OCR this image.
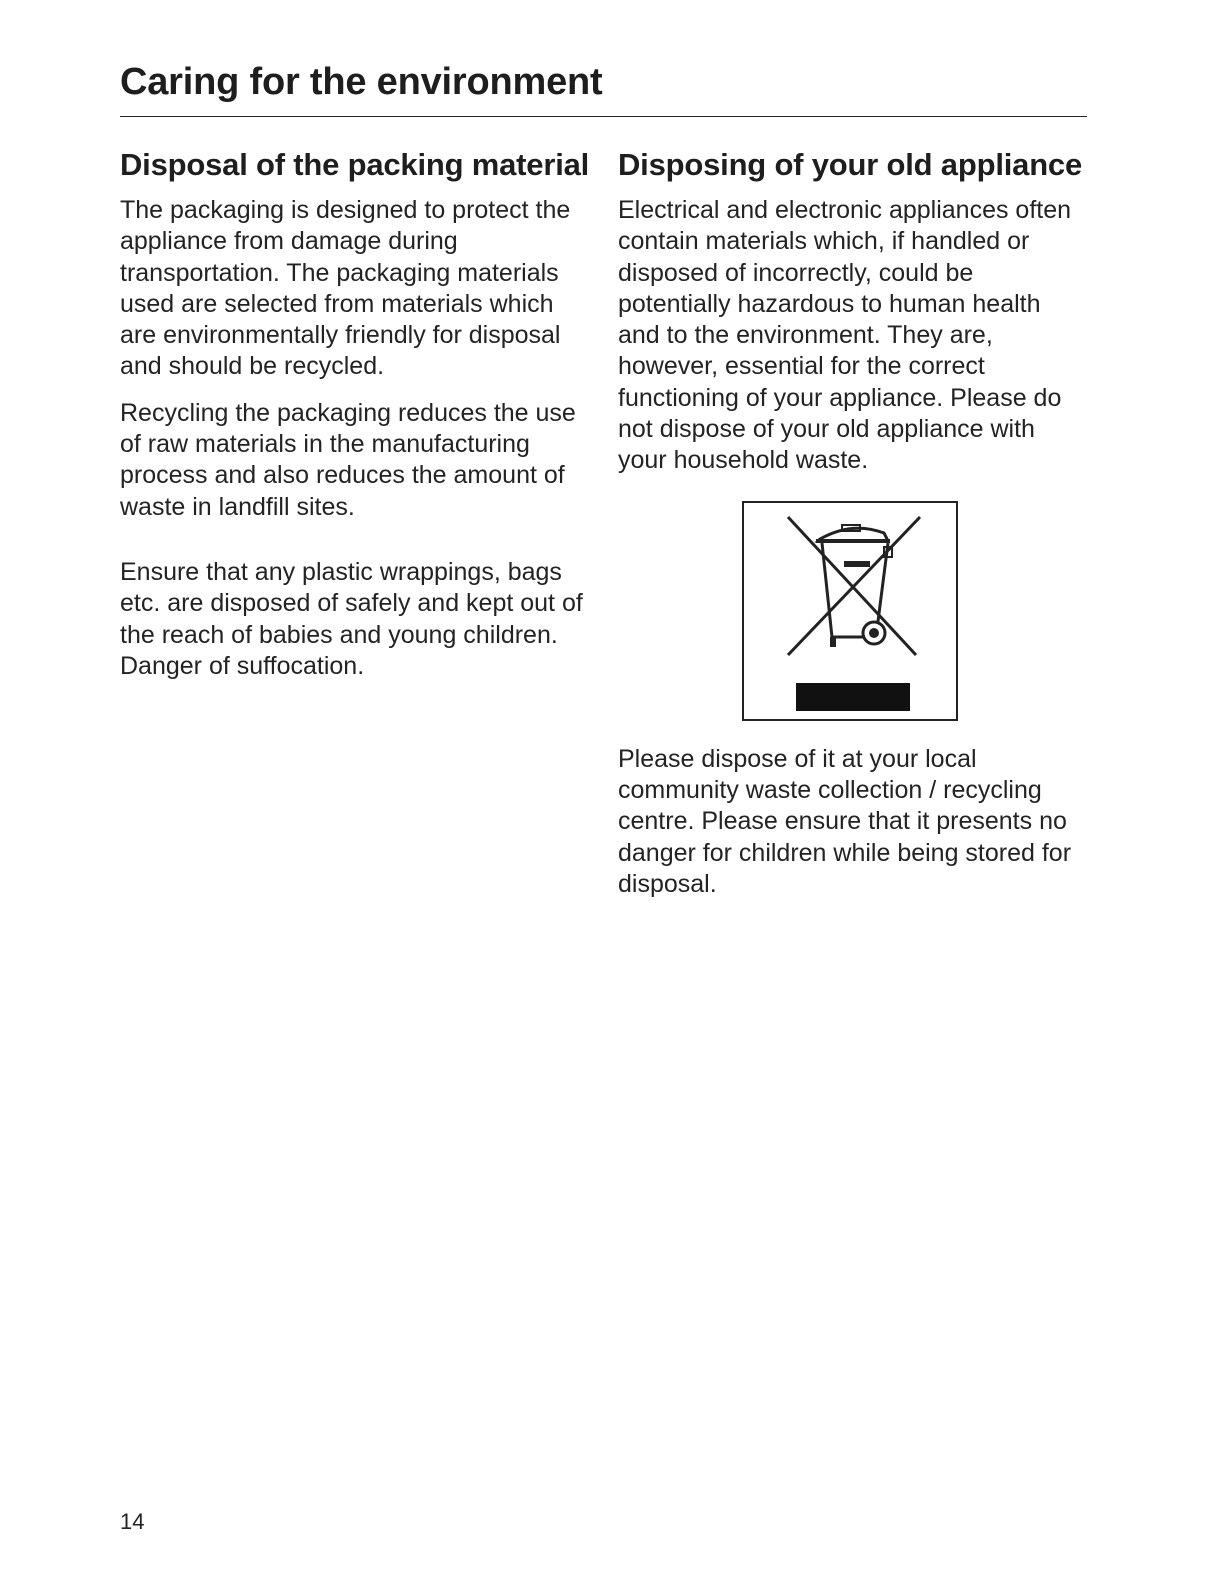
Caring for the environment
Disposal of the packing material

The packaging is designed to protect the appliance from damage during transportation. The packaging materials used are selected from materials which are environmentally friendly for disposal and should be recycled.

Recycling the packaging reduces the use of raw materials in the manufacturing process and also reduces the amount of waste in landfill sites.

Ensure that any plastic wrappings, bags etc. are disposed of safely and kept out of the reach of babies and young children. Danger of suffocation.

Disposing of your old appliance

Electrical and electronic appliances often contain materials which, if handled or disposed of incorrectly, could be potentially hazardous to human health and to the environment. They are, however, essential for the correct functioning of your appliance. Please do not dispose of your old appliance with your household waste.

Please dispose of it at your local community waste collection / recycling centre. Please ensure that it presents no danger for children while being stored for disposal.

14
